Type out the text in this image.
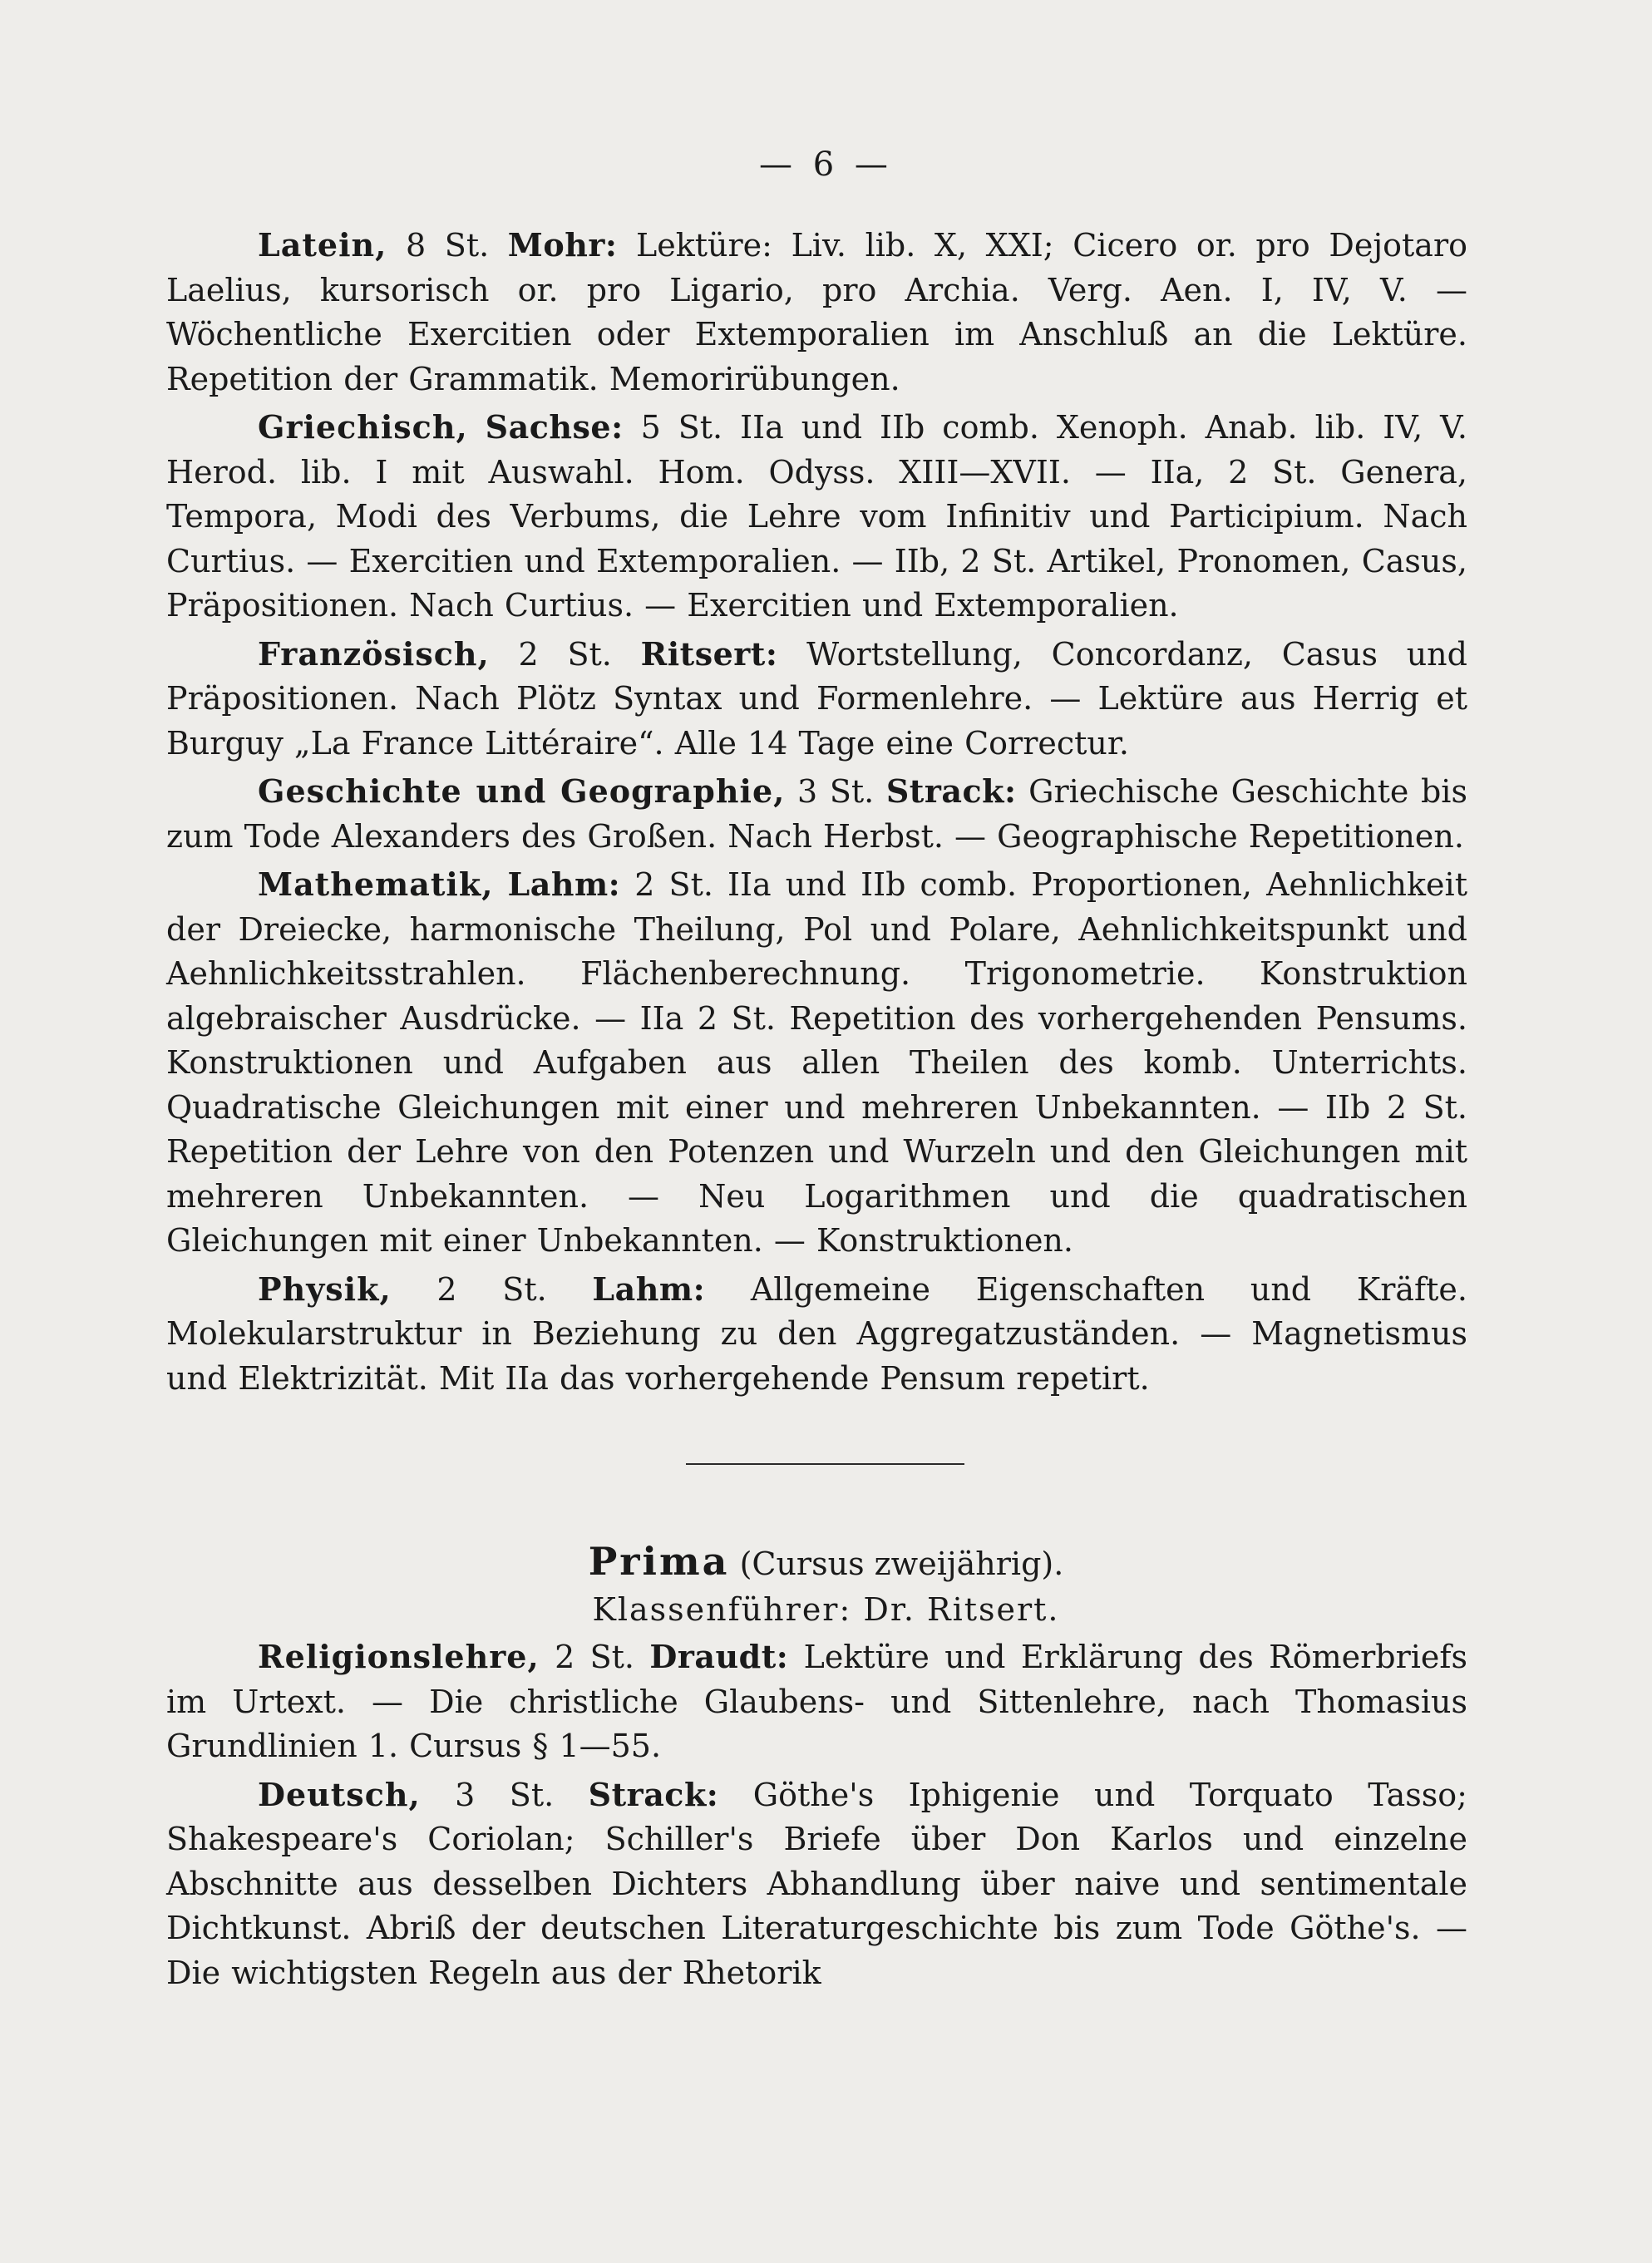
— 6 —

Latein, 8 St. Mohr: Lektüre: Liv. lib. X, XXI; Cicero or. pro Dejotaro Laelius, kursorisch or. pro Ligario, pro Archia. Verg. Aen. I, IV, V. — Wöchentliche Exercitien oder Extemporalien im Anschluß an die Lektüre. Repetition der Grammatik. Memorirübungen.

Griechisch, Sachse: 5 St. IIa und IIb comb. Xenoph. Anab. lib. IV, V. Herod. lib. I mit Auswahl. Hom. Odyss. XIII—XVII. — IIa, 2 St. Genera, Tempora, Modi des Verbums, die Lehre vom Infinitiv und Participium. Nach Curtius. — Exercitien und Extemporalien. — IIb, 2 St. Artikel, Pronomen, Casus, Präpositionen. Nach Curtius. — Exercitien und Extemporalien.

Französisch, 2 St. Ritsert: Wortstellung, Concordanz, Casus und Präpositionen. Nach Plötz Syntax und Formenlehre. — Lektüre aus Herrig et Burguy „La France Littéraire“. Alle 14 Tage eine Correctur.

Geschichte und Geographie, 3 St. Strack: Griechische Geschichte bis zum Tode Alexanders des Großen. Nach Herbst. — Geographische Repetitionen.

Mathematik, Lahm: 2 St. IIa und IIb comb. Proportionen, Aehnlichkeit der Dreiecke, harmonische Theilung, Pol und Polare, Aehnlichkeitspunkt und Aehnlichkeitsstrahlen. Flächenberechnung. Trigonometrie. Konstruktion algebraischer Ausdrücke. — IIa 2 St. Repetition des vorhergehenden Pensums. Konstruktionen und Aufgaben aus allen Theilen des komb. Unterrichts. Quadratische Gleichungen mit einer und mehreren Unbekannten. — IIb 2 St. Repetition der Lehre von den Potenzen und Wurzeln und den Gleichungen mit mehreren Unbekannten. — Neu Logarithmen und die quadratischen Gleichungen mit einer Unbekannten. — Konstruktionen.

Physik, 2 St. Lahm: Allgemeine Eigenschaften und Kräfte. Molekularstruktur in Beziehung zu den Aggregatzuständen. — Magnetismus und Elektrizität. Mit IIa das vorhergehende Pensum repetirt.

Prima (Cursus zweijährig).
Klassenführer: Dr. Ritsert.

Religionslehre, 2 St. Draudt: Lektüre und Erklärung des Römerbriefs im Urtext. — Die christliche Glaubens- und Sittenlehre, nach Thomasius Grundlinien 1. Cursus § 1—55.

Deutsch, 3 St. Strack: Göthe's Iphigenie und Torquato Tasso; Shakespeare's Coriolan; Schiller's Briefe über Don Karlos und einzelne Abschnitte aus desselben Dichters Abhandlung über naive und sentimentale Dichtkunst. Abriß der deutschen Literaturgeschichte bis zum Tode Göthe's. — Die wichtigsten Regeln aus der Rhetorik
